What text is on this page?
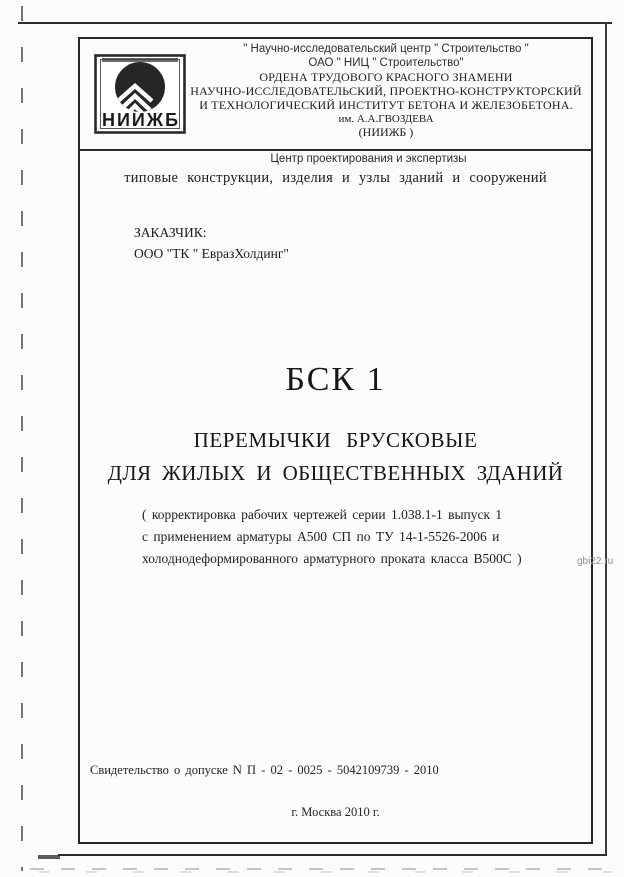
НИИЖБ
" Научно-исследовательский центр " Строительство "
ОАО " НИЦ " Строительство"
ОРДЕНА ТРУДОВОГО КРАСНОГО ЗНАМЕНИ
НАУЧНО-ИССЛЕДОВАТЕЛЬСКИЙ, ПРОЕКТНО-КОНСТРУКТОРСКИЙ
И ТЕХНОЛОГИЧЕСКИЙ ИНСТИТУТ БЕТОНА И ЖЕЛЕЗОБЕТОНА.
им. А.А.ГВОЗДЕВА
(НИИЖБ )
Центр проектирования и экспертизы
типовые конструкции, изделия и узлы зданий и сооружений
ЗАКАЗЧИК:
ООО "ТК " ЕвразХолдинг"
БСК 1
ПЕРЕМЫЧКИ БРУСКОВЫЕ
ДЛЯ ЖИЛЫХ И ОБЩЕСТВЕННЫХ ЗДАНИЙ
( корректировка рабочих чертежей серии 1.038.1-1 выпуск 1
с применением арматуры А500 СП по ТУ 14-1-5526-2006 и
холоднодеформированного арматурного проката класса В500С )
Свидетельство о допуске N П - 02 - 0025 - 5042109739 - 2010
г. Москва 2010 г.
gbi22.ru
